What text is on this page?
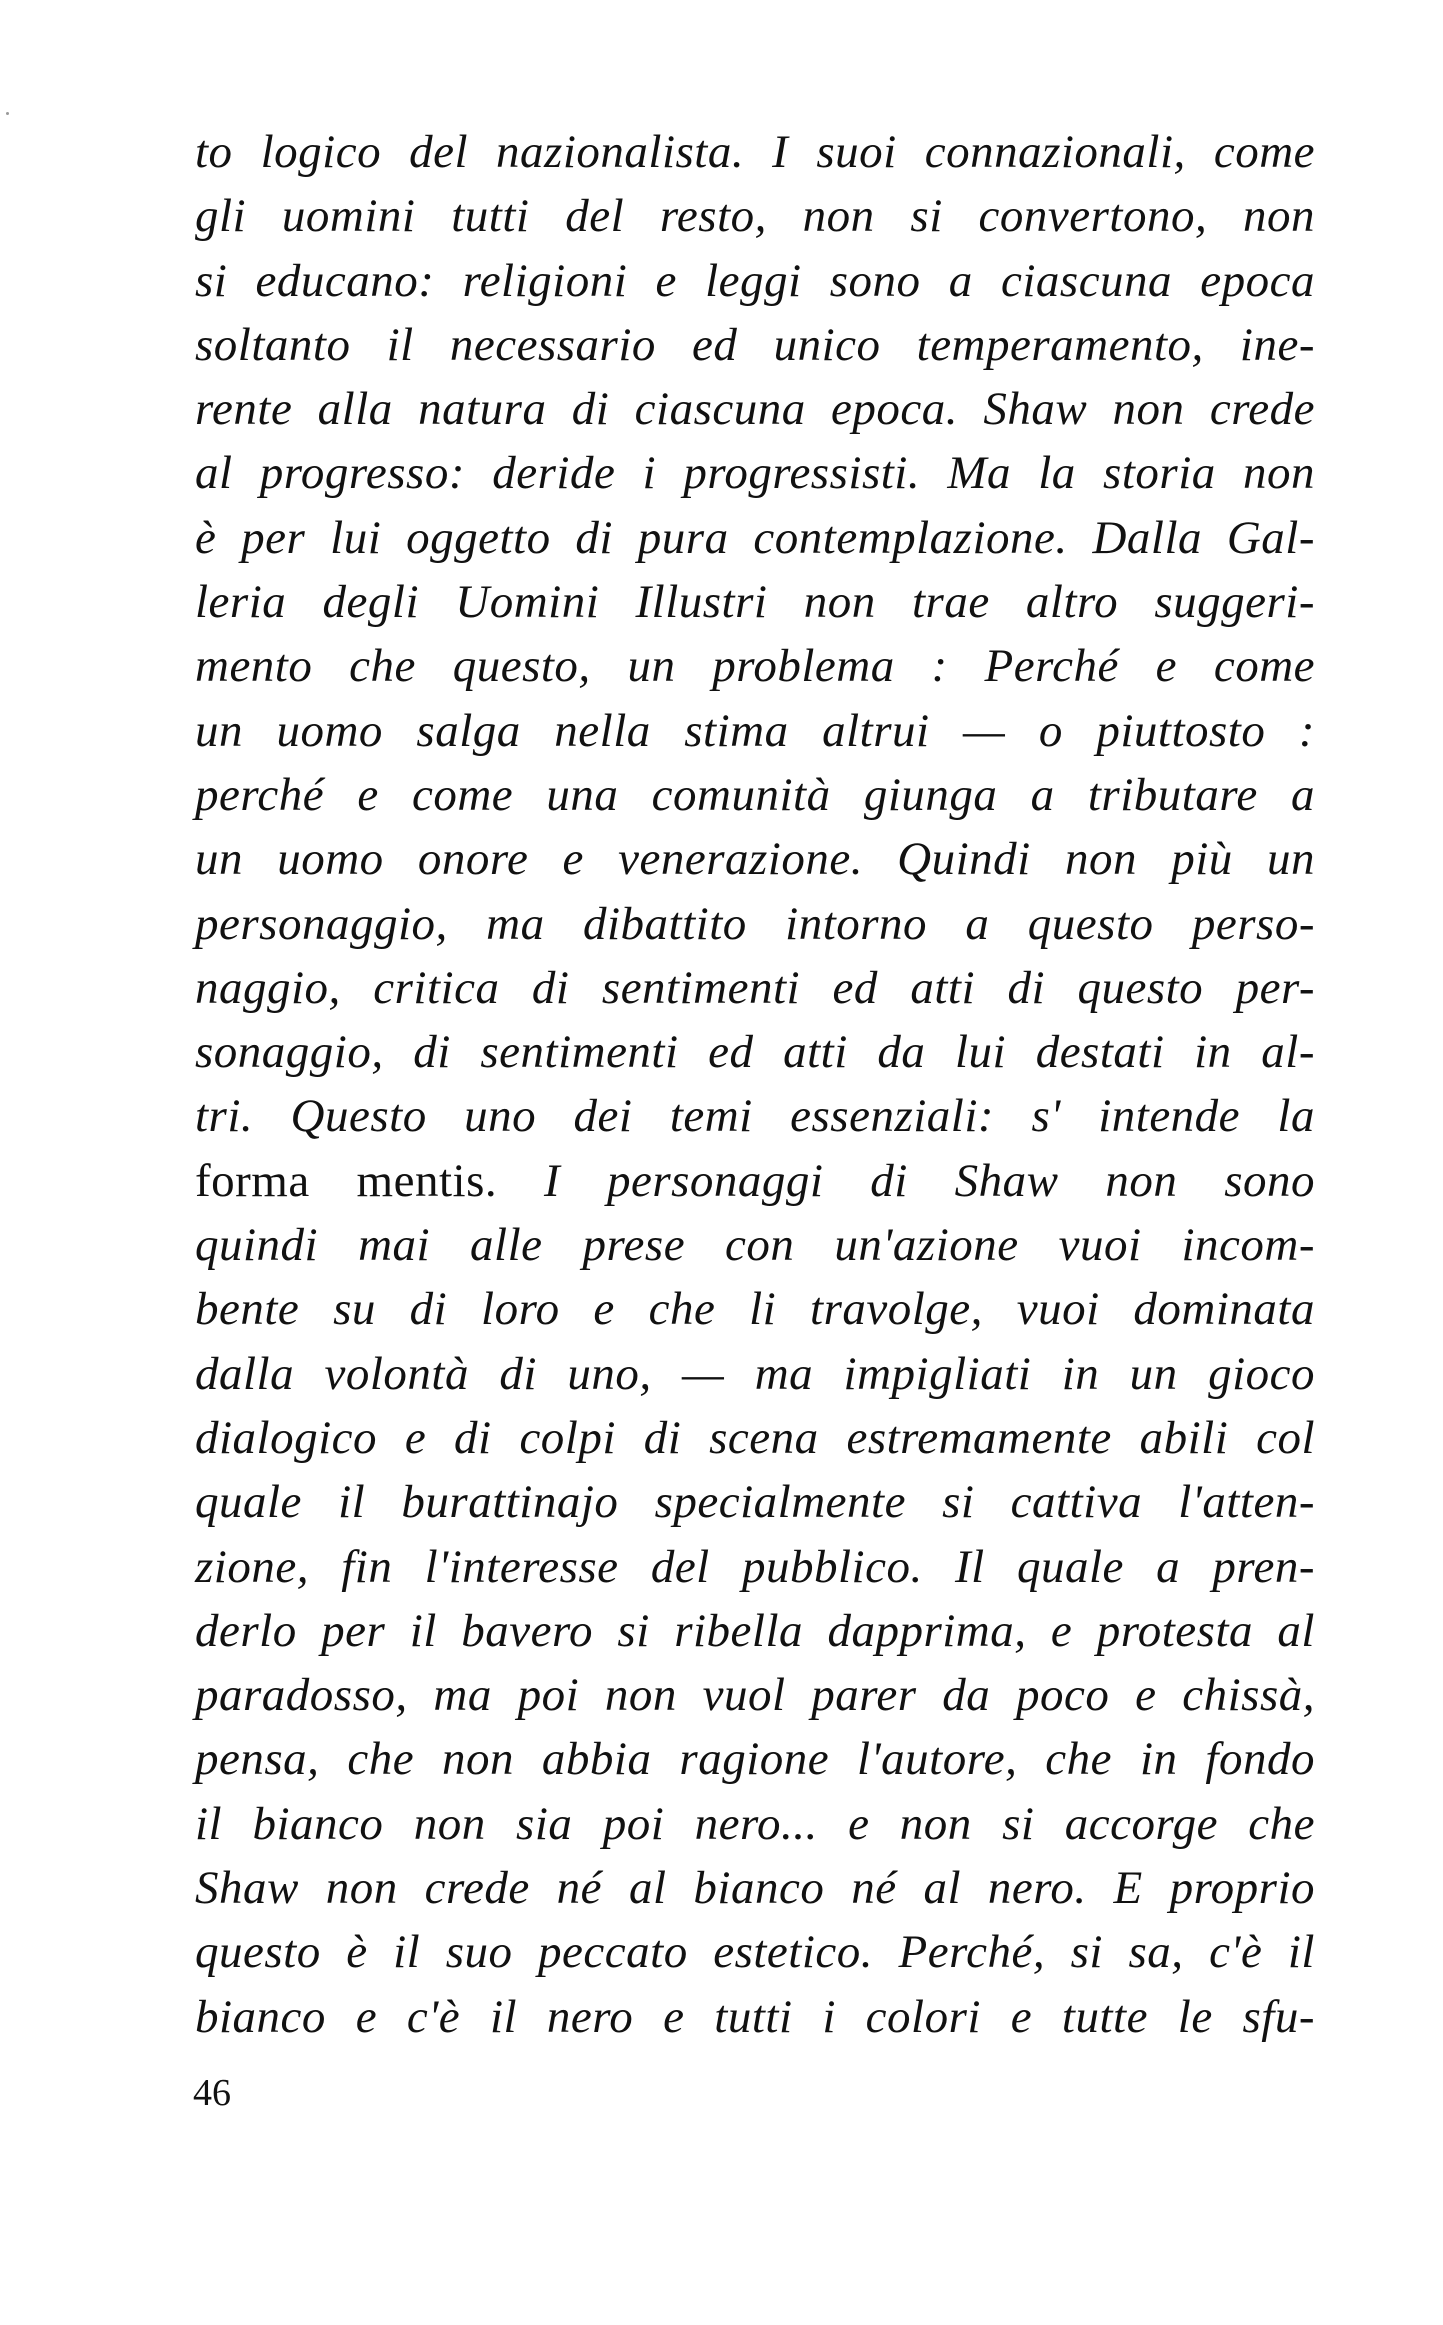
to logico del nazionalista. I suoi connazionali, come
gli uomini tutti del resto, non si convertono, non
si educano: religioni e leggi sono a ciascuna epoca
soltanto il necessario ed unico temperamento, ine-
rente alla natura di ciascuna epoca. Shaw non crede
al progresso: deride i progressisti. Ma la storia non
è per lui oggetto di pura contemplazione. Dalla Gal-
leria degli Uomini Illustri non trae altro suggeri-
mento che questo, un problema : Perché e come
un uomo salga nella stima altrui — o piuttosto :
perché e come una comunità giunga a tributare a
un uomo onore e venerazione. Quindi non più un
personaggio, ma dibattito intorno a questo perso-
naggio, critica di sentimenti ed atti di questo per-
sonaggio, di sentimenti ed atti da lui destati in al-
tri. Questo uno dei temi essenziali: s' intende la
forma mentis. I personaggi di Shaw non sono
quindi mai alle prese con un'azione vuoi incom-
bente su di loro e che li travolge, vuoi dominata
dalla volontà di uno, — ma impigliati in un gioco
dialogico e di colpi di scena estremamente abili col
quale il burattinajo specialmente si cattiva l'atten-
zione, fin l'interesse del pubblico. Il quale a pren-
derlo per il bavero si ribella dapprima, e protesta al
paradosso, ma poi non vuol parer da poco e chissà,
pensa, che non abbia ragione l'autore, che in fondo
il bianco non sia poi nero... e non si accorge che
Shaw non crede né al bianco né al nero. E proprio
questo è il suo peccato estetico. Perché, si sa, c'è il
bianco e c'è il nero e tutti i colori e tutte le sfu-
46
